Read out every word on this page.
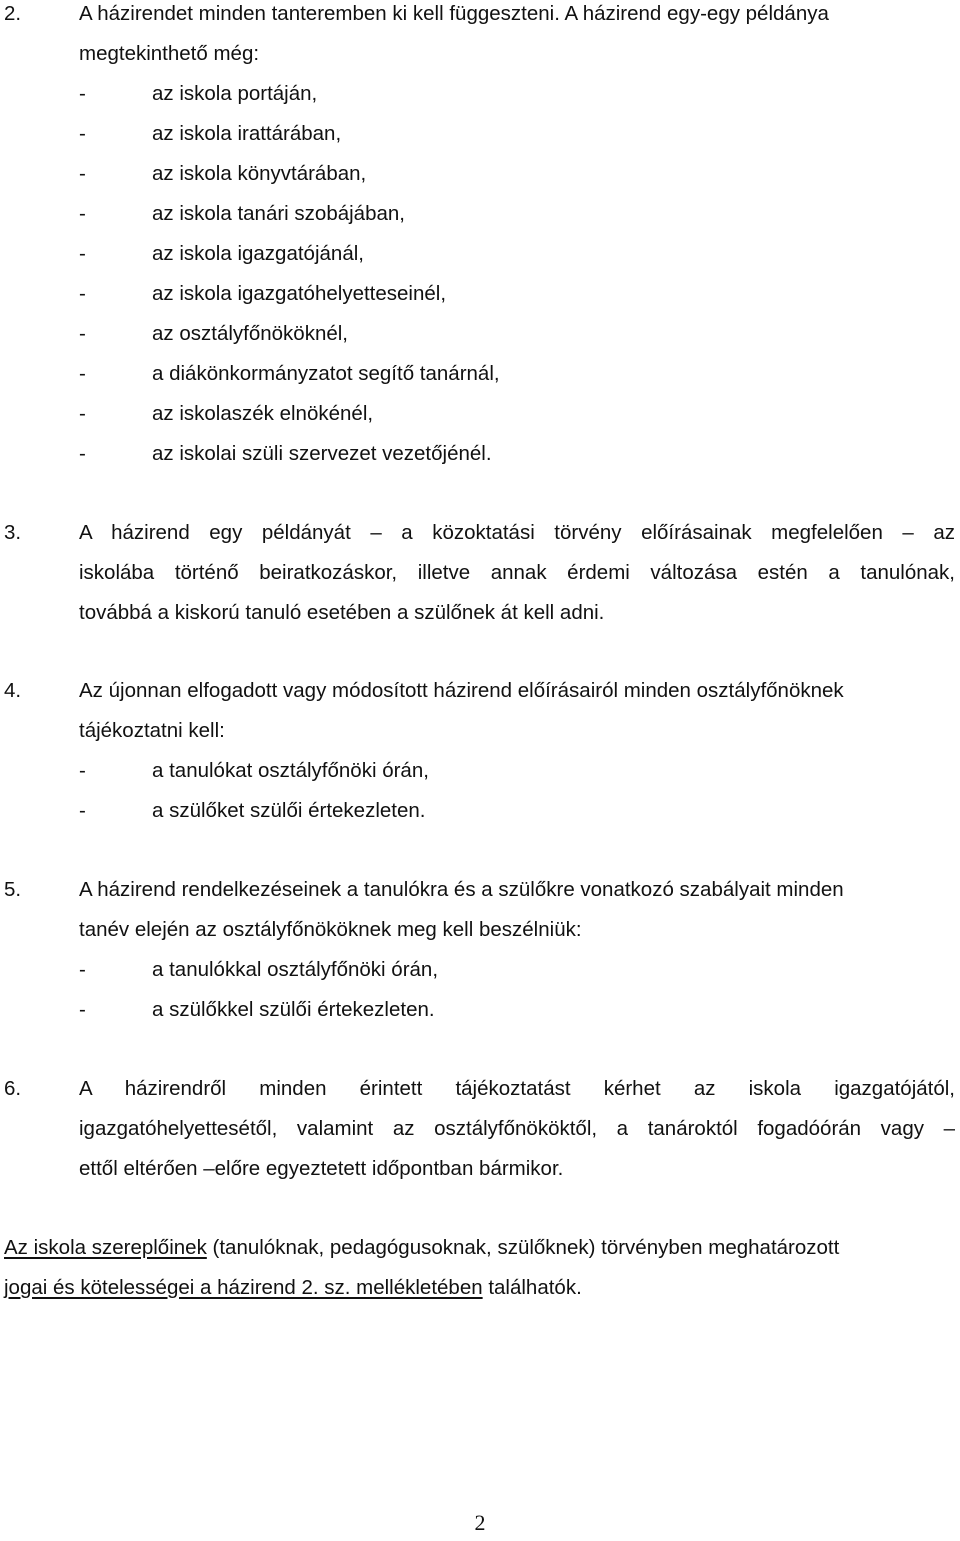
2.	A házirendet minden tanteremben ki kell függeszteni. A házirend egy-egy példánya
megtekinthető még:
-	az iskola portáján,
-	az iskola irattárában,
-	az iskola könyvtárában,
-	az iskola tanári szobájában,
-	az iskola igazgatójánál,
-	az iskola igazgatóhelyetteseinél,
-	az osztályfőnököknél,
-	a diákönkormányzatot segítő tanárnál,
-	az iskolaszék elnökénél,
-	az iskolai szüli szervezet vezetőjénél.
3.	A házirend egy példányát – a közoktatási törvény előírásainak megfelelően – az
iskolába történő beiratkozáskor, illetve annak érdemi változása estén a tanulónak,
továbbá a kiskorú tanuló esetében a szülőnek át kell adni.
4.	Az újonnan elfogadott vagy módosított házirend előírásairól minden osztályfőnöknek
tájékoztatni kell:
-	a tanulókat osztályfőnöki órán,
-	a szülőket szülői értekezleten.
5.	A házirend rendelkezéseinek a tanulókra és a szülőkre vonatkozó szabályait minden
tanév elején az osztályfőnököknek meg kell beszélniük:
-	a tanulókkal osztályfőnöki órán,
-	a szülőkkel szülői értekezleten.
6.	A házirendről minden érintett tájékoztatást kérhet az iskola igazgatójától,
igazgatóhelyettesétől, valamint az osztályfőnököktől, a tanároktól fogadóórán vagy –
ettől eltérően –előre egyeztetett időpontban bármikor.
Az iskola szereplőinek (tanulóknak, pedagógusoknak, szülőknek) törvényben meghatározott
jogai és kötelességei a házirend 2. sz. mellékletében találhatók.
2
